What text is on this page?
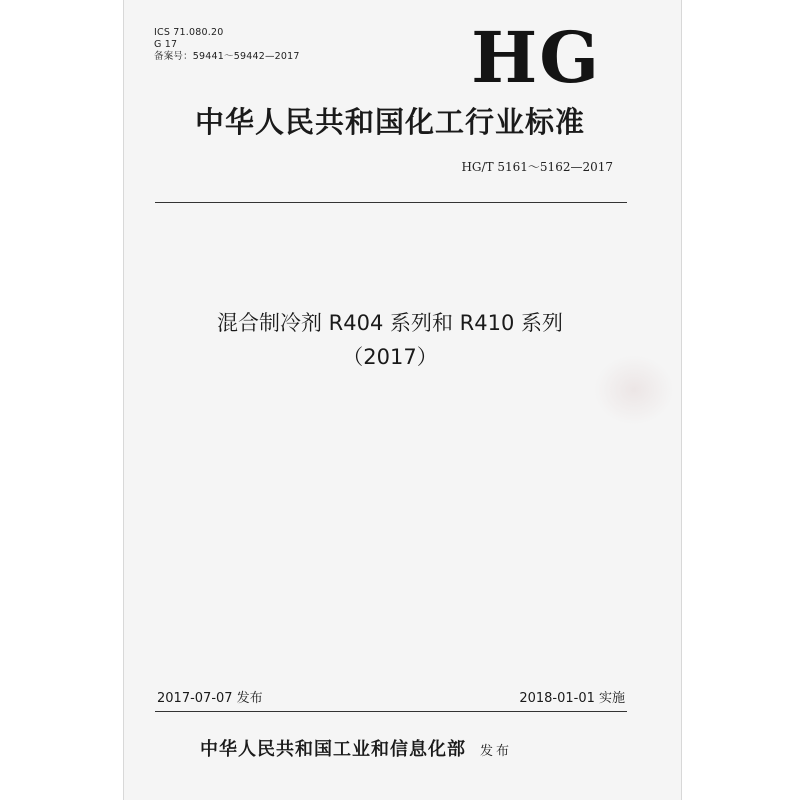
ICS 71.080.20
G 17
备案号：59441～59442—2017 HG
中华人民共和国化工行业标准
HG/T 5161～5162—2017
混合制冷剂 R404 系列和 R410 系列
（2017）
2017-07-07 发布	2018-01-01 实施
中华人民共和国工业和信息化部 发布
